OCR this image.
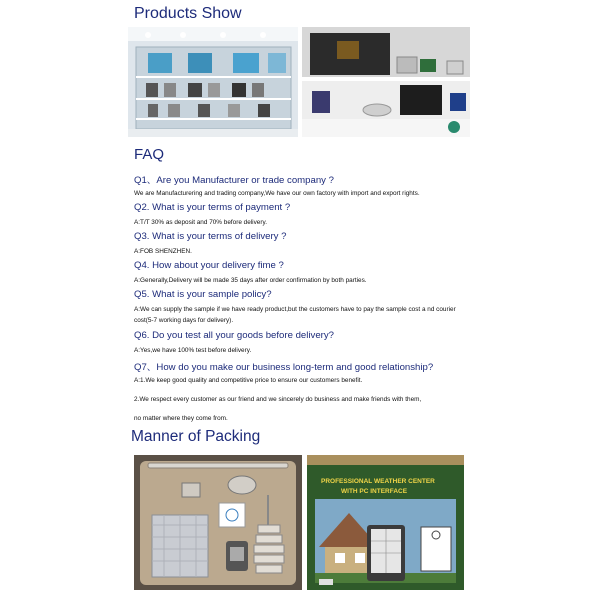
Products Show
FAQ
Q1、Are you Manufacturer or trade company ?
We are Manufacturering and trading company,We have our own factory with import and export rights.
Q2. What is your terms of payment ?
A:T/T 30% as deposit and 70% before delivery.
Q3. What is your terms of delivery ?
A:FOB SHENZHEN.
Q4. How about your delivery fime ?
A:Generally,Delivery will be made 35 days after order confirmation by both parties.
Q5. What is your sample policy?
A:We can supply the sample if we have ready product,but the customers have to pay the sample cost a nd courier cost(5-7 working days for delivery).
Q6. Do you test all your goods before delivery?
A:Yes,we have 100% test before delivery.
Q7、How do you make our business long-term and good relationship?
A:1.We keep good quality and competitive price to ensure our customers benefit.
2.We respect every customer as our friend and we sincerely do business and make friends with them,
no matter where they come from.
Manner of Packing
PROFESSIONAL WEATHER CENTER
WITH PC INTERFACE
